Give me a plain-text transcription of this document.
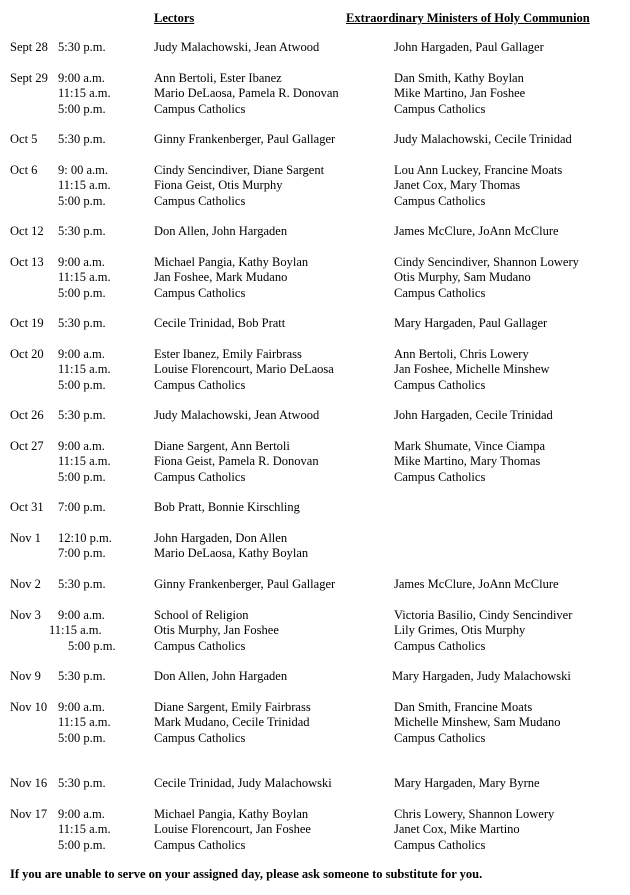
Lectors	Extraordinary Ministers of Holy Communion
Sept 28 5:30 p.m.	Judy Malachowski, Jean Atwood	John Hargaden, Paul Gallager
Sept 29 9:00 a.m.	Ann Bertoli, Ester Ibanez	Dan Smith, Kathy Boylan
11:15 a.m.	Mario DeLaosa, Pamela R. Donovan	Mike Martino, Jan Foshee
5:00 p.m.	Campus Catholics	Campus Catholics
Oct 5 5:30 p.m.	Ginny Frankenberger, Paul Gallager	Judy Malachowski, Cecile Trinidad
Oct 6 9: 00 a.m.	Cindy Sencindiver, Diane Sargent	Lou Ann Luckey, Francine Moats
11:15 a.m.	Fiona Geist, Otis Murphy	Janet Cox, Mary Thomas
5:00 p.m.	Campus Catholics	Campus Catholics
Oct 12 5:30 p.m.	Don Allen, John Hargaden	James McClure, JoAnn McClure
Oct 13 9:00 a.m.	Michael Pangia, Kathy Boylan	Cindy Sencindiver, Shannon Lowery
11:15 a.m.	Jan Foshee, Mark Mudano	Otis Murphy, Sam Mudano
5:00 p.m.	Campus Catholics	Campus Catholics
Oct 19 5:30 p.m.	Cecile Trinidad, Bob Pratt	Mary Hargaden, Paul Gallager
Oct 20 9:00 a.m.	Ester Ibanez, Emily Fairbrass	Ann Bertoli, Chris Lowery
11:15 a.m.	Louise Florencourt, Mario DeLaosa	Jan Foshee, Michelle Minshew
5:00 p.m.	Campus Catholics	Campus Catholics
Oct 26 5:30 p.m.	Judy Malachowski, Jean Atwood	John Hargaden, Cecile Trinidad
Oct 27 9:00 a.m.	Diane Sargent, Ann Bertoli	Mark Shumate, Vince Ciampa
11:15 a.m.	Fiona Geist, Pamela R. Donovan	Mike Martino, Mary Thomas
5:00 p.m.	Campus Catholics	Campus Catholics
Oct 31 7:00 p.m.	Bob Pratt, Bonnie Kirschling
Nov 1 12:10 p.m.	John Hargaden, Don Allen
7:00 p.m.	Mario DeLaosa, Kathy Boylan
Nov 2 5:30 p.m.	Ginny Frankenberger, Paul Gallager	James McClure, JoAnn McClure
Nov 3 9:00 a.m.	School of Religion	Victoria Basilio, Cindy Sencindiver
11:15 a.m.	Otis Murphy, Jan Foshee	Lily Grimes, Otis Murphy
5:00 p.m.	Campus Catholics	Campus Catholics
Nov 9 5:30 p.m.	Don Allen, John Hargaden	Mary Hargaden, Judy Malachowski
Nov 10 9:00 a.m.	Diane Sargent, Emily Fairbrass	Dan Smith, Francine Moats
11:15 a.m.	Mark Mudano, Cecile Trinidad	Michelle Minshew, Sam Mudano
5:00 p.m.	Campus Catholics	Campus Catholics
Nov 16 5:30 p.m.	Cecile Trinidad, Judy Malachowski	Mary Hargaden, Mary Byrne
Nov 17 9:00 a.m.	Michael Pangia, Kathy Boylan	Chris Lowery, Shannon Lowery
11:15 a.m.	Louise Florencourt, Jan Foshee	Janet Cox, Mike Martino
5:00 p.m.	Campus Catholics	Campus Catholics
If you are unable to serve on your assigned day, please ask someone to substitute for you.
